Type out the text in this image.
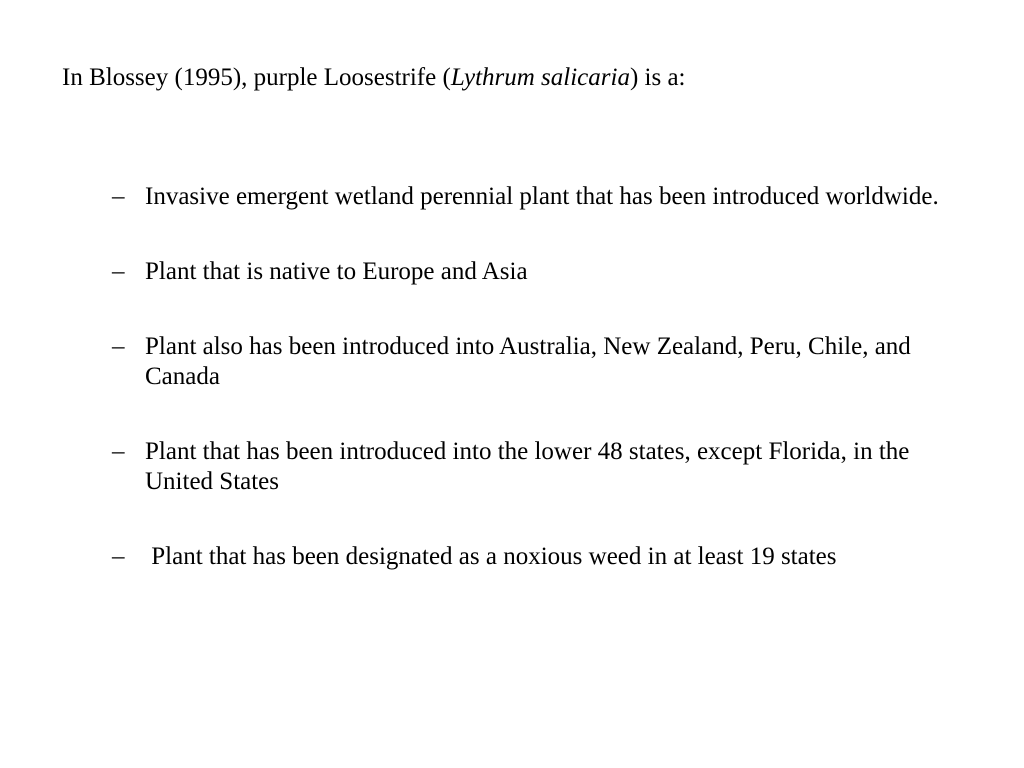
In Blossey (1995), purple Loosestrife (Lythrum salicaria) is a:
– Invasive emergent wetland perennial plant that has been introduced worldwide.
– Plant that is native to Europe and Asia
– Plant also has been introduced into Australia, New Zealand, Peru, Chile, and Canada
– Plant that has been introduced into the lower 48 states, except Florida, in the United States
– Plant that has been designated as a noxious weed in at least 19 states
